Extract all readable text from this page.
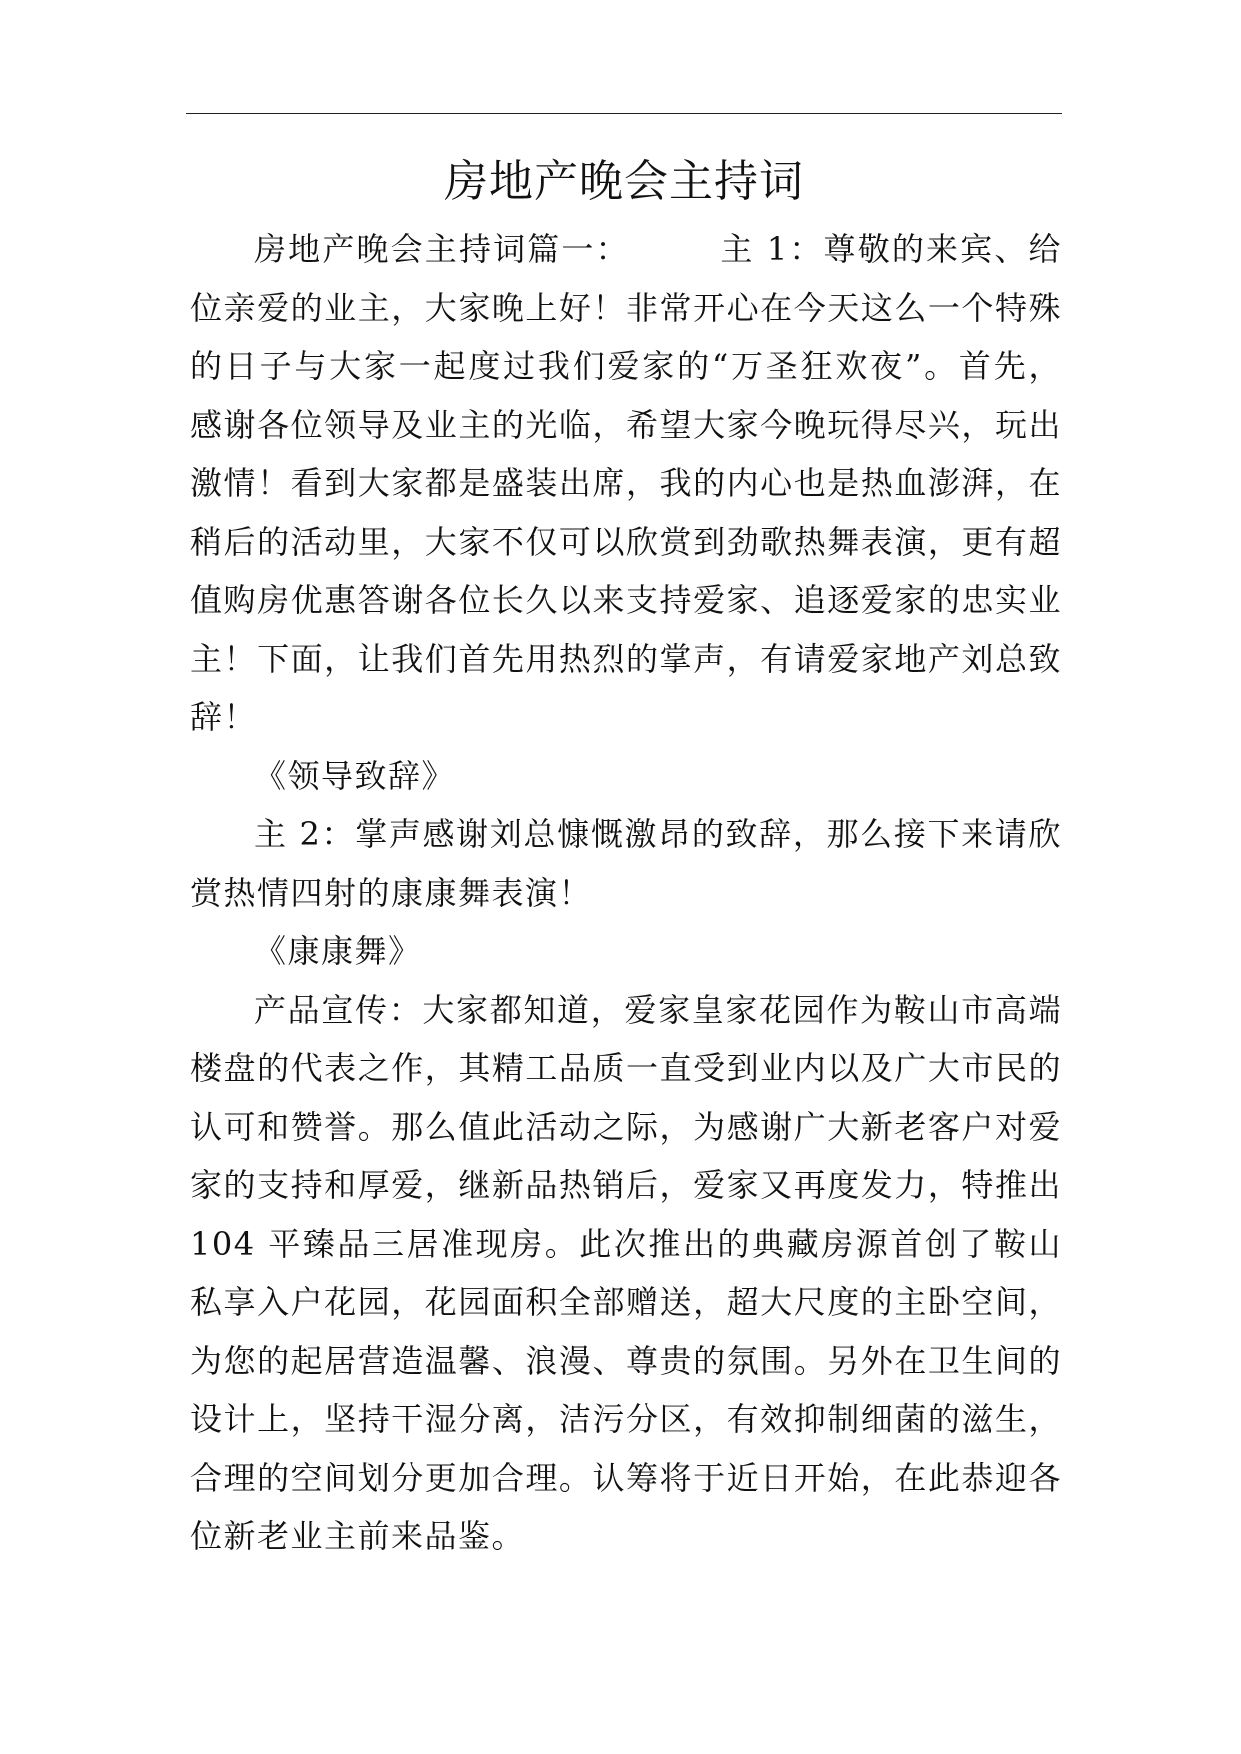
房地产晚会主持词

房地产晚会主持词篇一：	主 1：尊敬的来宾、给位亲爱的业主，大家晚上好！非常开心在今天这么一个特殊的日子与大家一起度过我们爱家的“万圣狂欢夜”。首先，感谢各位领导及业主的光临，希望大家今晚玩得尽兴，玩出激情！看到大家都是盛装出席，我的内心也是热血澎湃，在稍后的活动里，大家不仅可以欣赏到劲歌热舞表演，更有超值购房优惠答谢各位长久以来支持爱家、追逐爱家的忠实业主！下面，让我们首先用热烈的掌声，有请爱家地产刘总致辞！

《领导致辞》

主 2：掌声感谢刘总慷慨激昂的致辞，那么接下来请欣赏热情四射的康康舞表演！

《康康舞》

产品宣传：大家都知道，爱家皇家花园作为鞍山市高端楼盘的代表之作，其精工品质一直受到业内以及广大市民的认可和赞誉。那么值此活动之际，为感谢广大新老客户对爱家的支持和厚爱，继新品热销后，爱家又再度发力，特推出 104 平臻品三居准现房。此次推出的典藏房源首创了鞍山私享入户花园，花园面积全部赠送，超大尺度的主卧空间，为您的起居营造温馨、浪漫、尊贵的氛围。另外在卫生间的设计上，坚持干湿分离，洁污分区，有效抑制细菌的滋生，合理的空间划分更加合理。认筹将于近日开始，在此恭迎各位新老业主前来品鉴。
